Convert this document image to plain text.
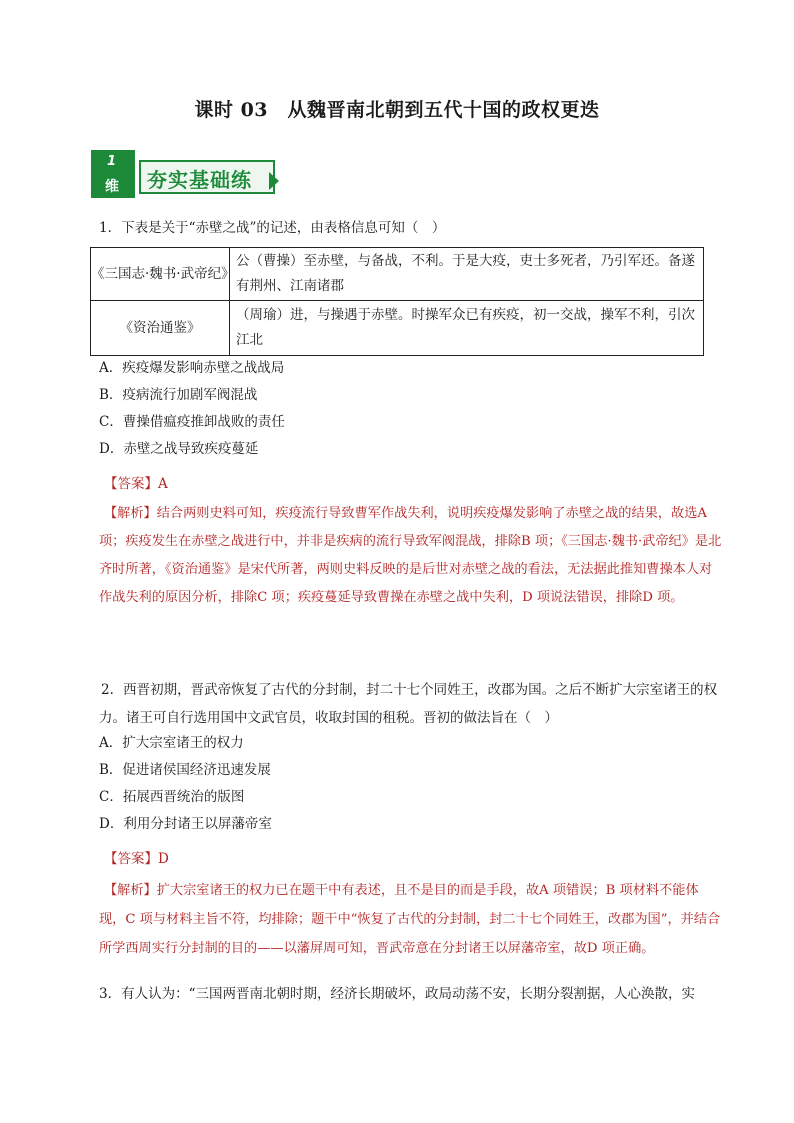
课时 03　从魏晋南北朝到五代十国的政权更迭
1
维 夯实基础练
1．下表是关于“赤壁之战”的记述，由表格信息可知（　）
《三国志·魏书·武帝纪》	公（曹操）至赤壁，与备战，不利。于是大疫，吏士多死者，乃引军还。备遂有荆州、江南诸郡
《资治通鉴》	（周瑜）进，与操遇于赤壁。时操军众已有疾疫，初一交战，操军不利，引次江北
A．疾疫爆发影响赤壁之战战局
B．疫病流行加剧军阀混战
C．曹操借瘟疫推卸战败的责任
D．赤壁之战导致疾疫蔓延
【答案】A
【解析】结合两则史料可知，疾疫流行导致曹军作战失利，说明疾疫爆发影响了赤壁之战的结果，故选A 项；疾疫发生在赤壁之战进行中，并非是疾病的流行导致军阀混战，排除B 项；《三国志·魏书·武帝纪》是北齐时所著，《资治通鉴》是宋代所著，两则史料反映的是后世对赤壁之战的看法，无法据此推知曹操本人对作战失利的原因分析，排除C 项；疾疫蔓延导致曹操在赤壁之战中失利，D 项说法错误，排除D 项。
2．西晋初期，晋武帝恢复了古代的分封制，封二十七个同姓王，改郡为国。之后不断扩大宗室诸王的权力。诸王可自行选用国中文武官员，收取封国的租税。晋初的做法旨在（　）
A．扩大宗室诸王的权力
B．促进诸侯国经济迅速发展
C．拓展西晋统治的版图
D．利用分封诸王以屏藩帝室
【答案】D
【解析】扩大宗室诸王的权力已在题干中有表述，且不是目的而是手段，故A 项错误；B 项材料不能体现，C 项与材料主旨不符，均排除；题干中“恢复了古代的分封制，封二十七个同姓王，改郡为国”，并结合所学西周实行分封制的目的——以藩屏周可知，晋武帝意在分封诸王以屏藩帝室，故D 项正确。
3．有人认为：“三国两晋南北朝时期，经济长期破坏，政局动荡不安，长期分裂割据，人心涣散，实
